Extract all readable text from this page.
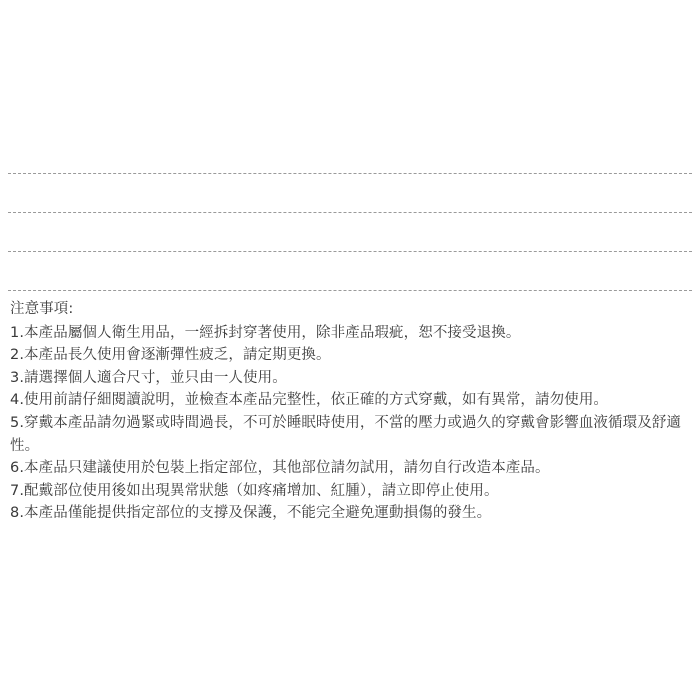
注意事項:
1.本產品屬個人衛生用品，一經拆封穿著使用，除非產品瑕疵，恕不接受退換。
2.本產品長久使用會逐漸彈性疲乏，請定期更換。
3.請選擇個人適合尺寸，並只由一人使用。
4.使用前請仔細閱讀說明，並檢查本產品完整性，依正確的方式穿戴，如有異常，請勿使用。
5.穿戴本產品請勿過緊或時間過長，不可於睡眠時使用，不當的壓力或過久的穿戴會影響血液循環及舒適性。
6.本產品只建議使用於包裝上指定部位，其他部位請勿試用，請勿自行改造本產品。
7.配戴部位使用後如出現異常狀態（如疼痛增加、紅腫），請立即停止使用。
8.本產品僅能提供指定部位的支撐及保護，不能完全避免運動損傷的發生。
